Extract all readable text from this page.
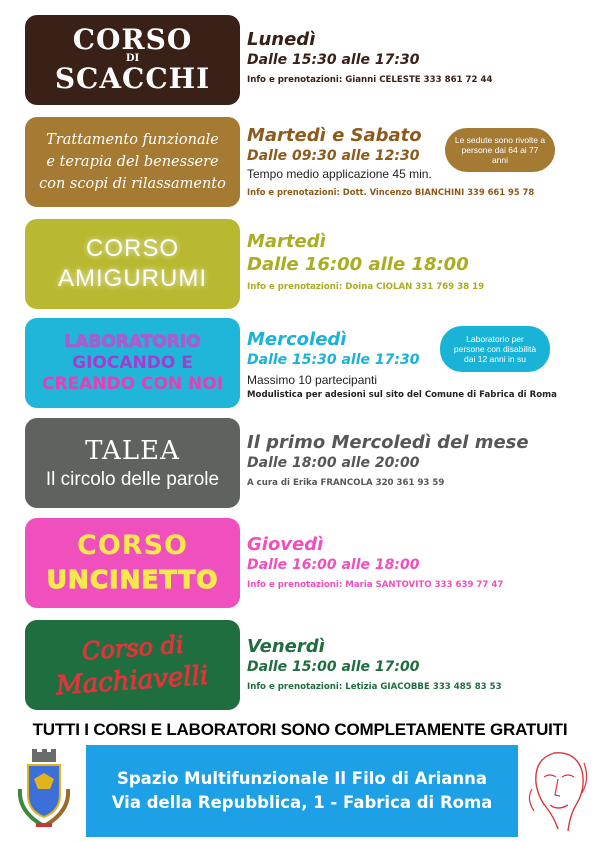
CORSO
DI
SCACCHI
Lunedì
Dalle 15:30 alle 17:30
Info e prenotazioni: Gianni CELESTE 333 861 72 44
Trattamento funzionale
e terapia del benessere
con scopi di rilassamento
Martedì e Sabato
Dalle 09:30 alle 12:30
Tempo medio applicazione 45 min.
Info e prenotazioni: Dott. Vincenzo BIANCHINI 339 661 95 78
Le sedute sono rivolte a persone dai 64 ai 77 anni
CORSO
AMIGURUMI
Martedì
Dalle 16:00 alle 18:00
Info e prenotazioni: Doina CIOLAN 331 769 38 19
LABORATORIO
GIOCANDO E
CREANDO CON NOI
Mercoledì
Dalle 15:30 alle 17:30
Massimo 10 partecipanti
Modulistica per adesioni sul sito del Comune di Fabrica di Roma
Laboratorio per persone con disabilità dai 12 anni in su
TALEA
Il circolo delle parole
Il primo Mercoledì del mese
Dalle 18:00 alle 20:00
A cura di Erika FRANCOLA 320 361 93 59
CORSO
UNCINETTO
Giovedì
Dalle 16:00 alle 18:00
Info e prenotazioni: Maria SANTOVITO 333 639 77 47
Corso di
Machiavelli
Venerdì
Dalle 15:00 alle 17:00
Info e prenotazioni: Letizia GIACOBBE 333 485 83 53
TUTTI I CORSI E LABORATORI SONO COMPLETAMENTE GRATUITI
Spazio Multifunzionale Il Filo di Arianna
Via della Repubblica, 1 - Fabrica di Roma
